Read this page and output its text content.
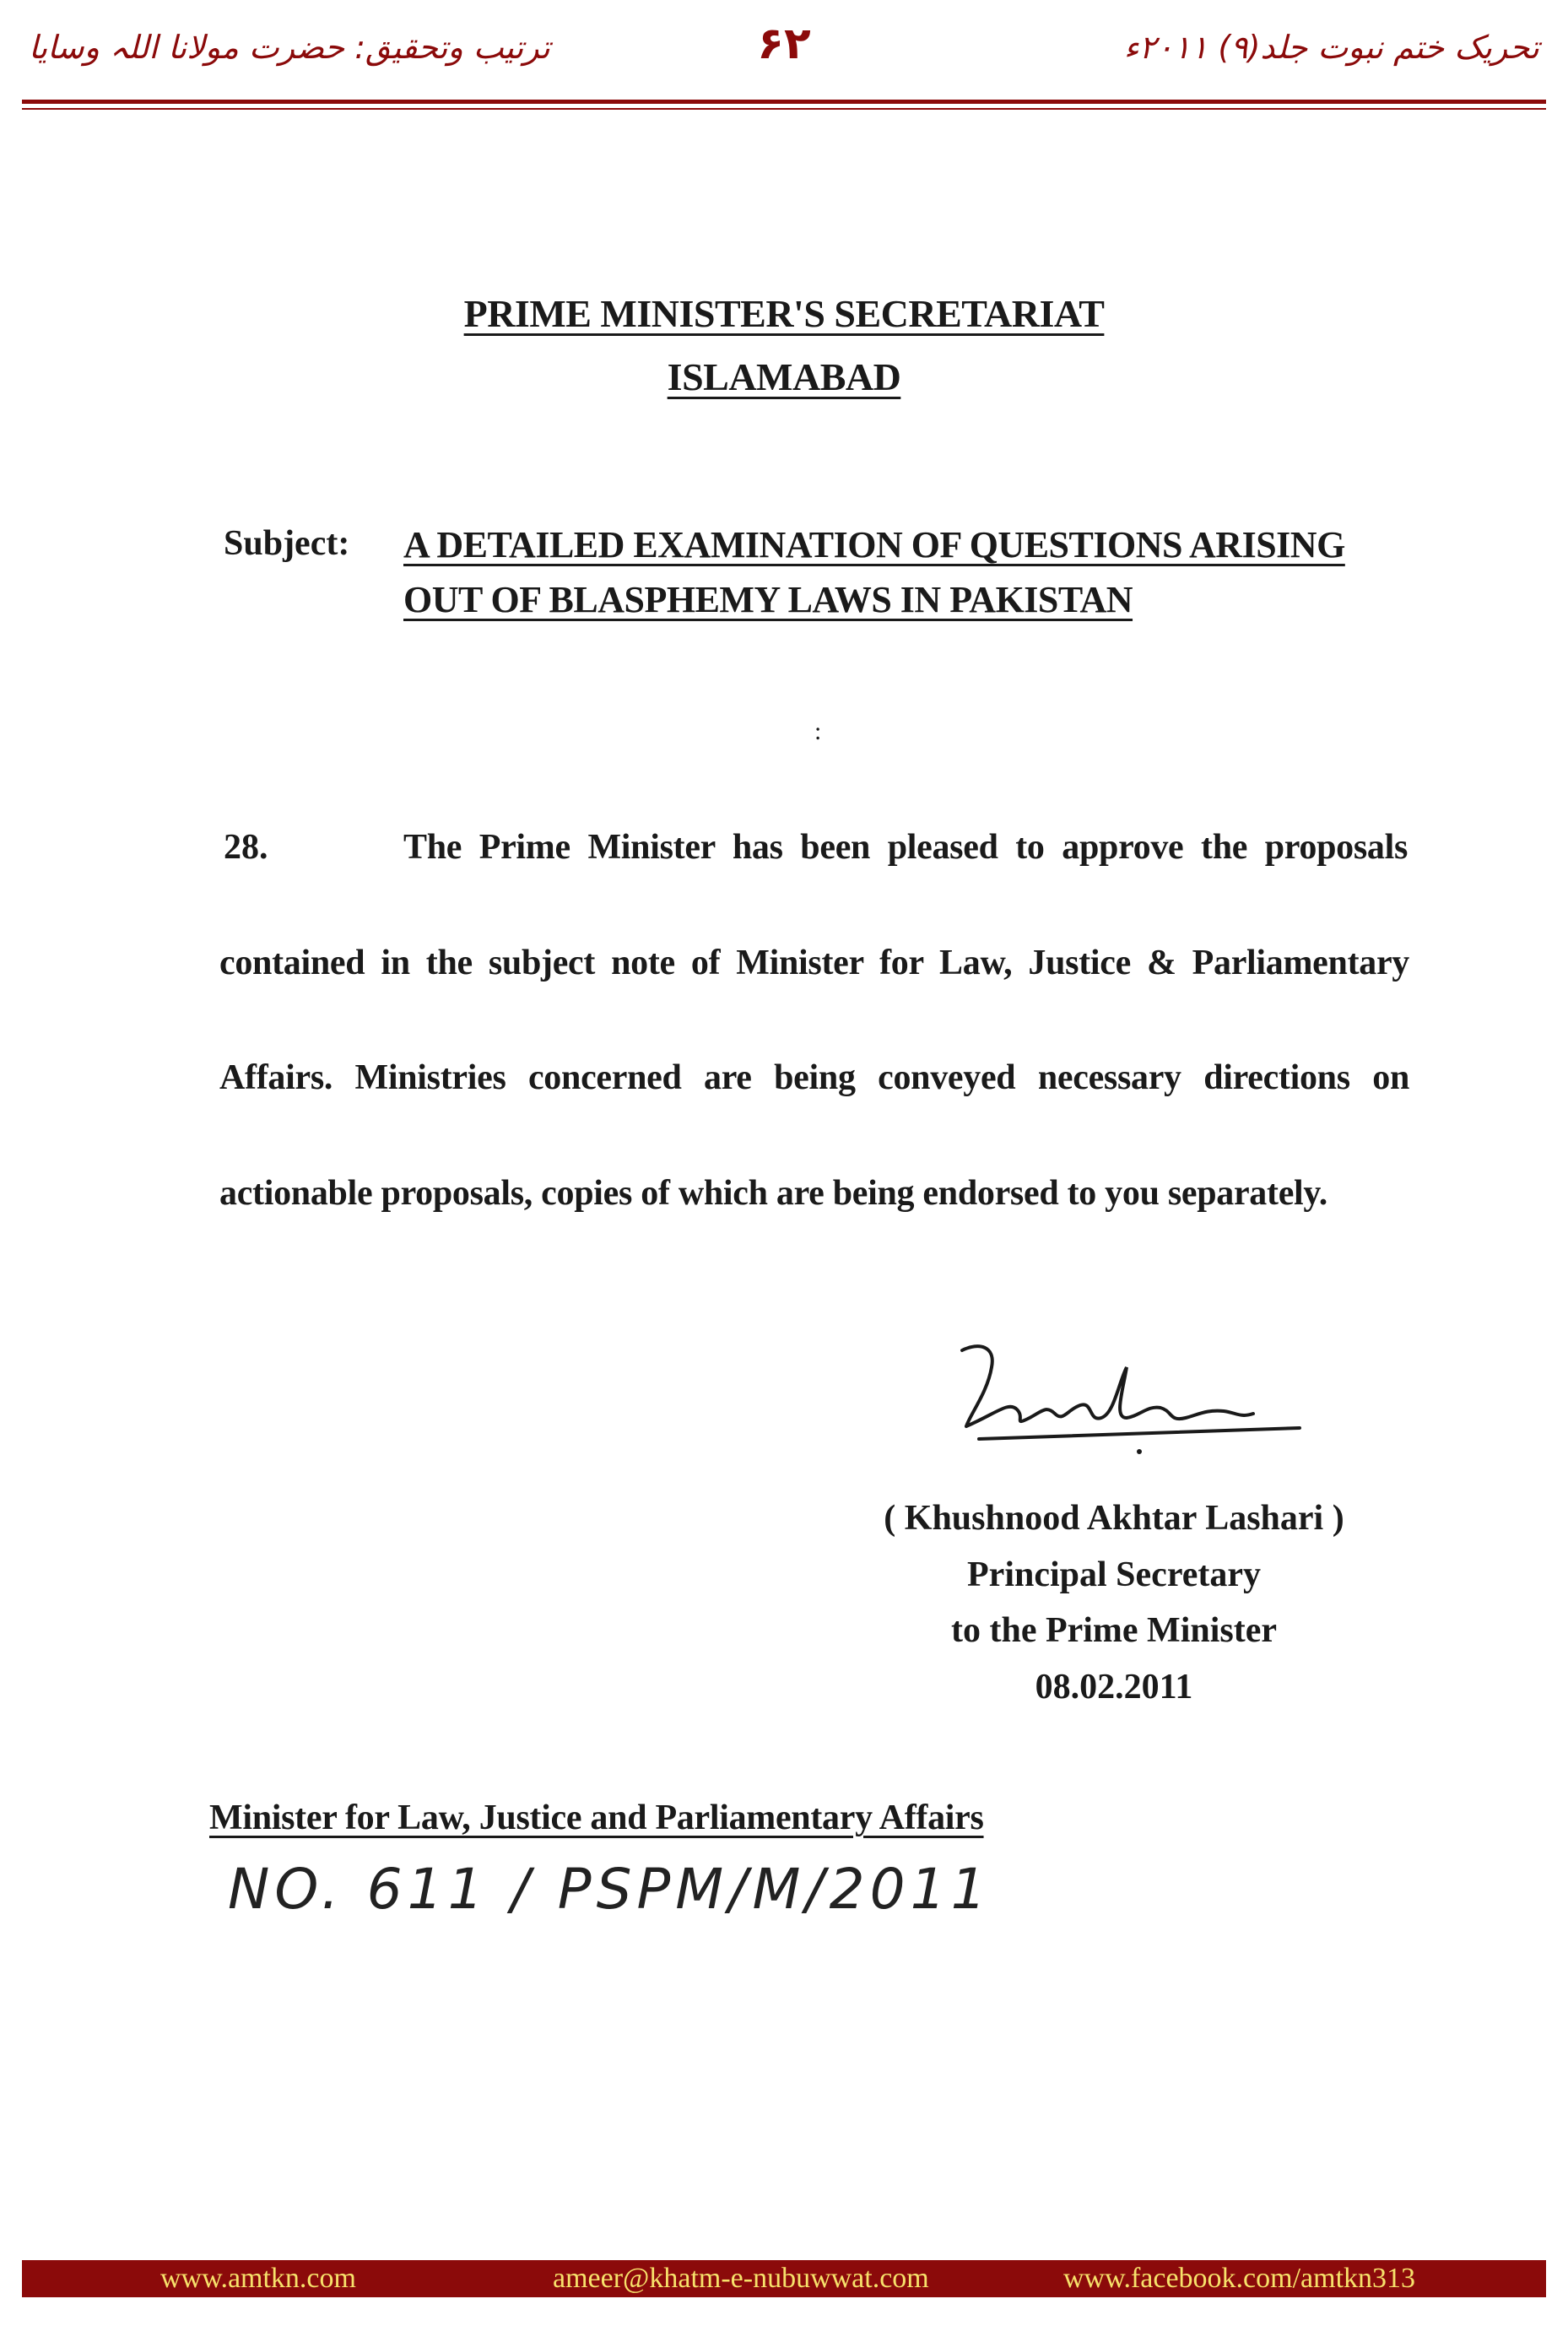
ترتیب وتحقیق: حضرت مولانا اللہ وسایا	۶۲	تحریک ختم نبوت جلد(۹) ۲۰۱۱ء
PRIME MINISTER'S SECRETARIAT
ISLAMABAD
Subject: A DETAILED EXAMINATION OF QUESTIONS ARISING
OUT OF BLASPHEMY LAWS IN PAKISTAN
:
28.	The Prime Minister has been pleased to approve the proposals
contained in the subject note of Minister for Law, Justice & Parliamentary
Affairs. Ministries concerned are being conveyed necessary directions on
actionable proposals, copies of which are being endorsed to you separately.
( Khushnood Akhtar Lashari )
Principal Secretary
to the Prime Minister
08.02.2011
Minister for Law, Justice and Parliamentary Affairs
NO. 611 / PSPM/M/2011
www.amtkn.com	ameer@khatm-e-nubuwwat.com	www.facebook.com/amtkn313
